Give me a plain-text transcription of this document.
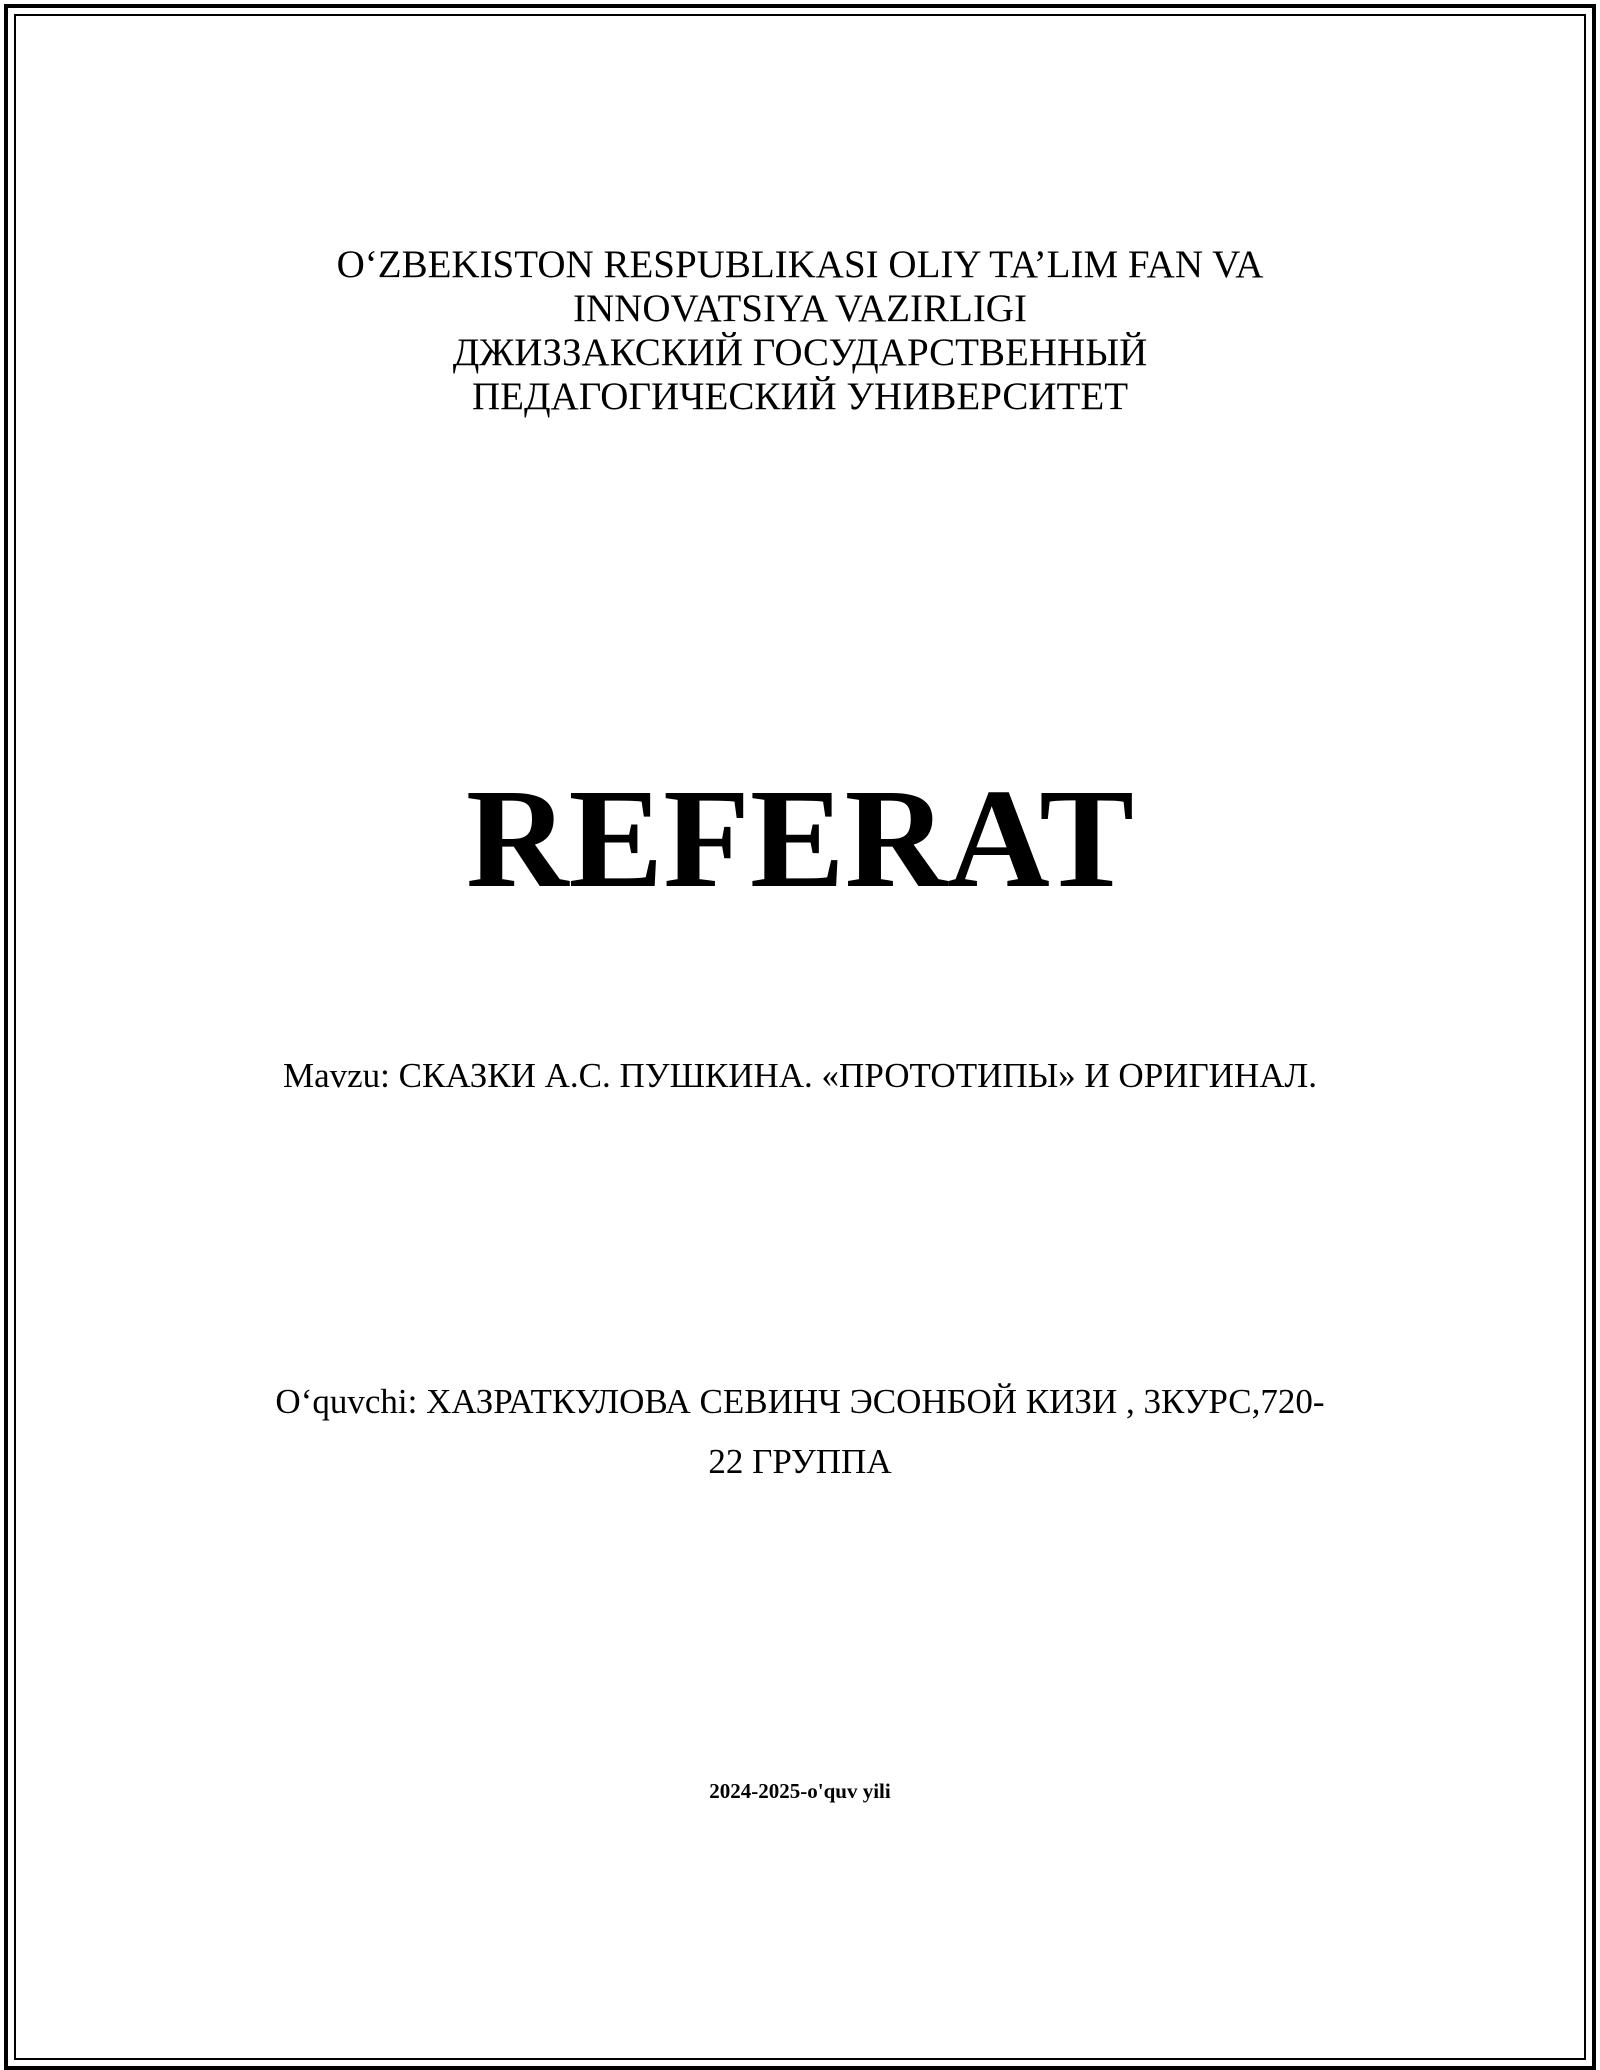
O‘ZBEKISTON RESPUBLIKASI OLIY TA’LIM FAN VA
INNOVATSIYA VAZIRLIGI
ДЖИЗЗАКСКИЙ ГОСУДАРСТВЕННЫЙ
ПЕДАГОГИЧЕСКИЙ УНИВЕРСИТЕТ
REFERAT
Mavzu: СКАЗКИ А.С. ПУШКИНА. «ПРОТОТИПЫ» И ОРИГИНАЛ.
O‘quvchi: ХАЗРАТКУЛОВА СЕВИНЧ ЭСОНБОЙ КИЗИ , 3КУРС,720-
22 ГРУППА
2024-2025-o'quv yili
